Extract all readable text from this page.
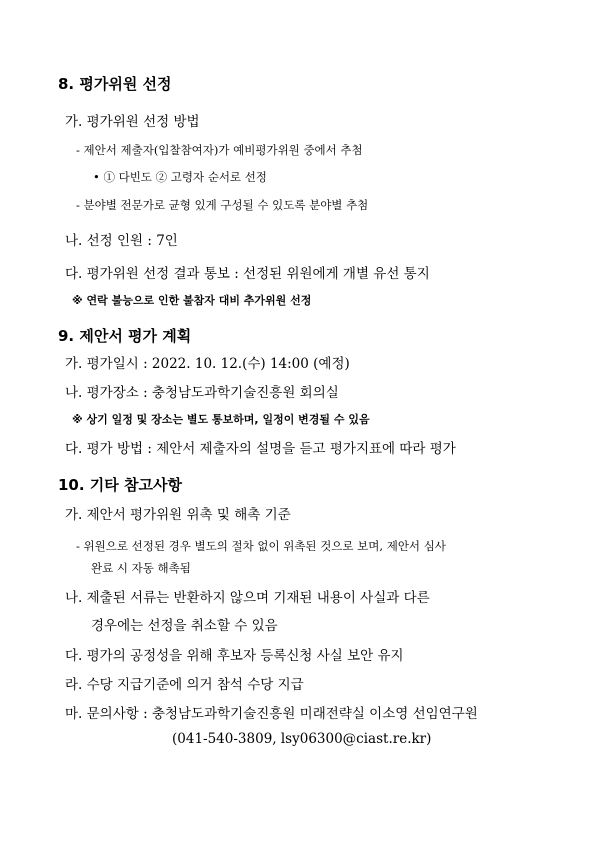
8. 평가위원 선정
가. 평가위원 선정 방법
- 제안서 제출자(입찰참여자)가 예비평가위원 중에서 추첨
• ① 다빈도 ② 고령자 순서로 선정
- 분야별 전문가로 균형 있게 구성될 수 있도록 분야별 추첨
나. 선정 인원 : 7인
다. 평가위원 선정 결과 통보 : 선정된 위원에게 개별 유선 통지
※ 연락 불능으로 인한 불참자 대비 추가위원 선정
9. 제안서 평가 계획
가. 평가일시 : 2022. 10. 12.(수) 14:00 (예정)
나. 평가장소 : 충청남도과학기술진흥원 회의실
※ 상기 일정 및 장소는 별도 통보하며, 일정이 변경될 수 있음
다. 평가 방법 : 제안서 제출자의 설명을 듣고 평가지표에 따라 평가
10. 기타 참고사항
가. 제안서 평가위원 위촉 및 해촉 기준
- 위원으로 선정된 경우 별도의 절차 없이 위촉된 것으로 보며, 제안서 심사
완료 시 자동 해촉됨
나. 제출된 서류는 반환하지 않으며 기재된 내용이 사실과 다른
경우에는 선정을 취소할 수 있음
다. 평가의 공정성을 위해 후보자 등록신청 사실 보안 유지
라. 수당 지급기준에 의거 참석 수당 지급
마. 문의사항 : 충청남도과학기술진흥원 미래전략실 이소영 선임연구원
(041-540-3809, lsy06300@ciast.re.kr)
